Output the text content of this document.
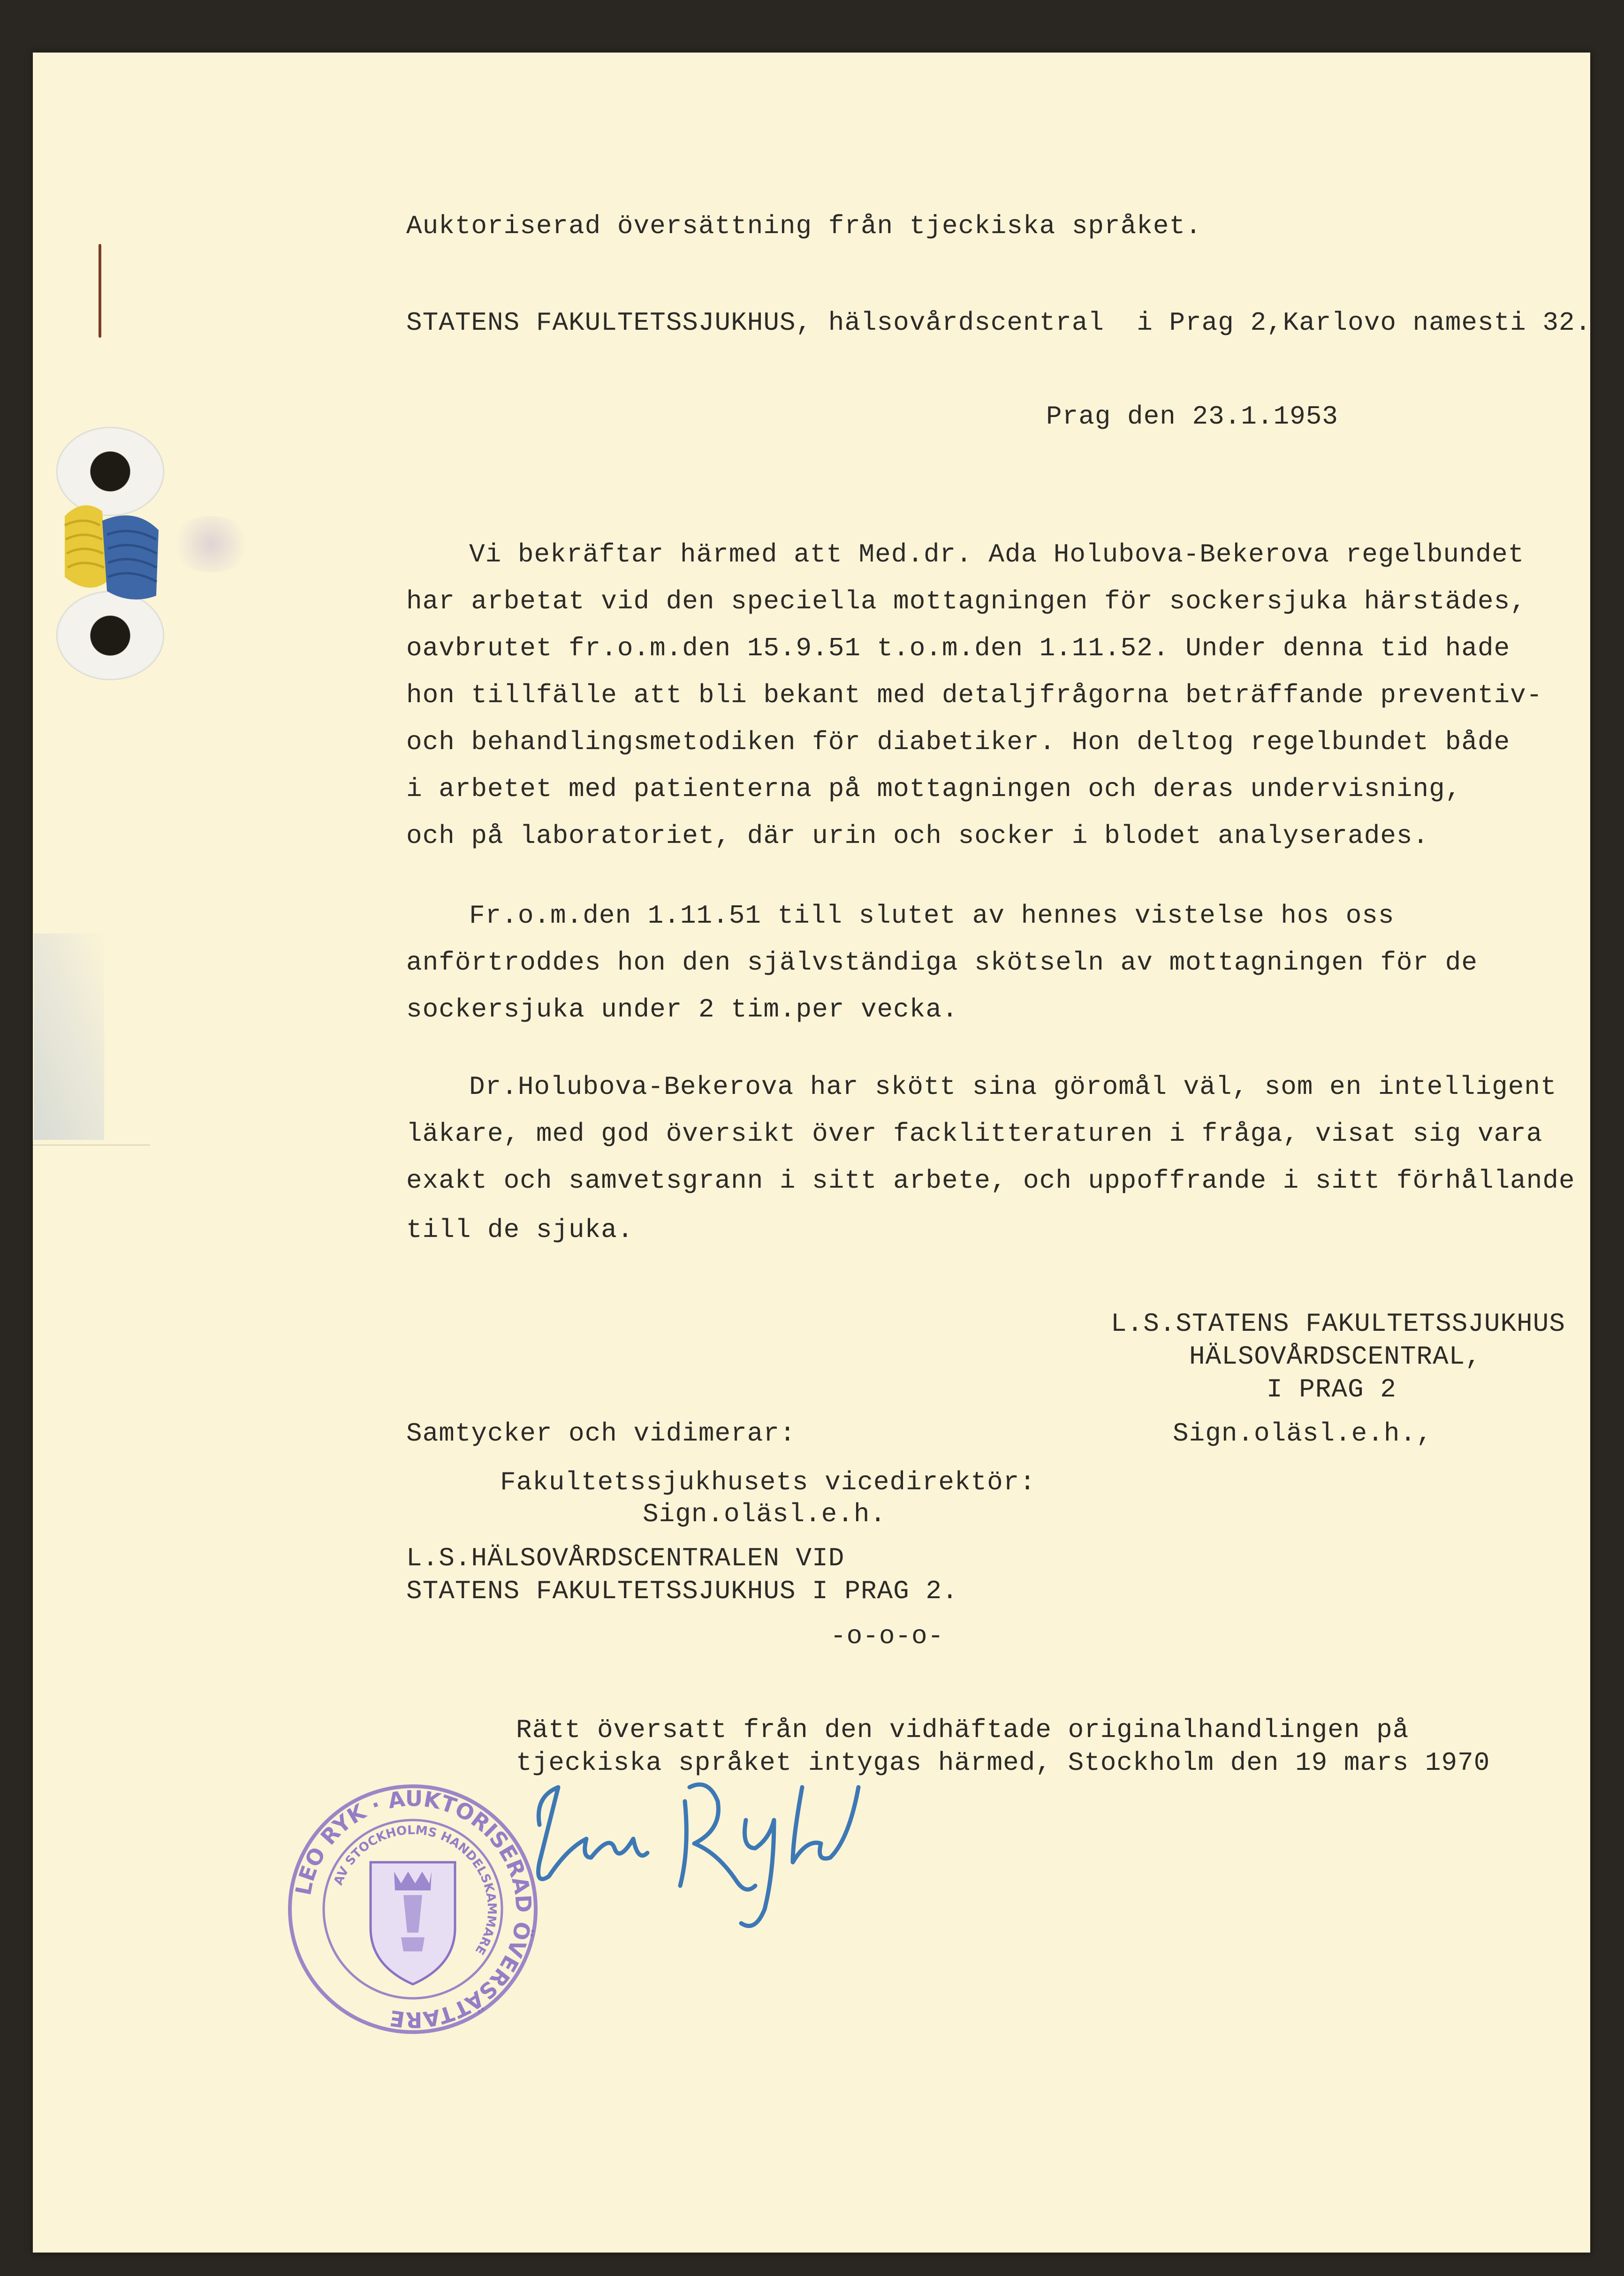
Auktoriserad översättning från tjeckiska språket.
STATENS FAKULTETSSJUKHUS, hälsovårdscentral  i Prag 2,Karlovo namesti 32.
Prag den 23.1.1953
Vi bekräftar härmed att Med.dr. Ada Holubova-Bekerova regelbundet
har arbetat vid den speciella mottagningen för sockersjuka härstädes,
oavbrutet fr.o.m.den 15.9.51 t.o.m.den 1.11.52. Under denna tid hade
hon tillfälle att bli bekant med detaljfrågorna beträffande preventiv-
och behandlingsmetodiken för diabetiker. Hon deltog regelbundet både
i arbetet med patienterna på mottagningen och deras undervisning,
och på laboratoriet, där urin och socker i blodet analyserades.
Fr.o.m.den 1.11.51 till slutet av hennes vistelse hos oss
anförtroddes hon den självständiga skötseln av mottagningen för de
sockersjuka under 2 tim.per vecka.
Dr.Holubova-Bekerova har skött sina göromål väl, som en intelligent
läkare, med god översikt över facklitteraturen i fråga, visat sig vara
exakt och samvetsgrann i sitt arbete, och uppoffrande i sitt förhållande
till de sjuka.
L.S.STATENS FAKULTETSSJUKHUS
HÄLSOVÅRDSCENTRAL,
I PRAG 2
Samtycker och vidimerar:	Sign.oläsl.e.h.,
Fakultetssjukhusets vicedirektör:
Sign.oläsl.e.h.
L.S.HÄLSOVÅRDSCENTRALEN VID
STATENS FAKULTETSSJUKHUS I PRAG 2.
-o-o-o-
Rätt översatt från den vidhäftade originalhandlingen på
tjeckiska språket intygas härmed, Stockholm den 19 mars 1970
LEO RYK · AUKTORISERAD ÖVERSÄTTARE
AV STOCKHOLMS HANDELSKAMMARE
